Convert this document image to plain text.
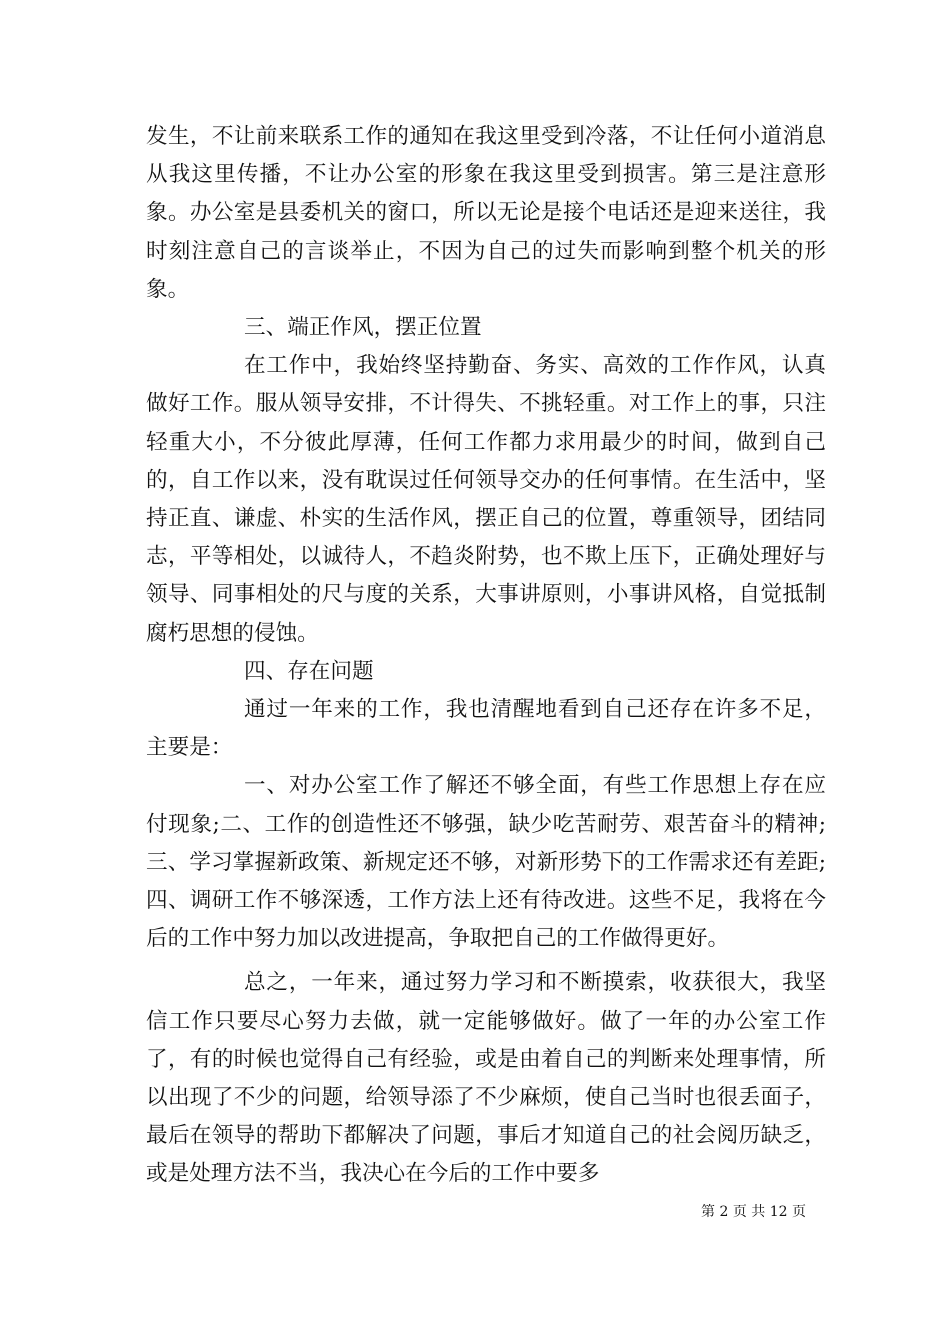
发生，不让前来联系工作的通知在我这里受到冷落，不让任何小道消息从我这里传播，不让办公室的形象在我这里受到损害。第三是注意形象。办公室是县委机关的窗口，所以无论是接个电话还是迎来送往，我时刻注意自己的言谈举止，不因为自己的过失而影响到整个机关的形象。

三、端正作风，摆正位置

在工作中，我始终坚持勤奋、务实、高效的工作作风，认真做好工作。服从领导安排，不计得失、不挑轻重。对工作上的事，只注轻重大小，不分彼此厚薄，任何工作都力求用最少的时间，做到自己的，自工作以来，没有耽误过任何领导交办的任何事情。在生活中，坚持正直、谦虚、朴实的生活作风，摆正自己的位置，尊重领导，团结同志，平等相处，以诚待人，不趋炎附势，也不欺上压下，正确处理好与领导、同事相处的尺与度的关系，大事讲原则，小事讲风格，自觉抵制腐朽思想的侵蚀。

四、存在问题

通过一年来的工作，我也清醒地看到自己还存在许多不足，主要是：

一、对办公室工作了解还不够全面，有些工作思想上存在应付现象;二、工作的创造性还不够强，缺少吃苦耐劳、艰苦奋斗的精神;三、学习掌握新政策、新规定还不够，对新形势下的工作需求还有差距;四、调研工作不够深透，工作方法上还有待改进。这些不足，我将在今后的工作中努力加以改进提高，争取把自己的工作做得更好。

总之，一年来，通过努力学习和不断摸索，收获很大，我坚信工作只要尽心努力去做，就一定能够做好。做了一年的办公室工作了，有的时候也觉得自己有经验，或是由着自己的判断来处理事情，所以出现了不少的问题，给领导添了不少麻烦，使自己当时也很丢面子，最后在领导的帮助下都解决了问题，事后才知道自己的社会阅历缺乏，或是处理方法不当，我决心在今后的工作中要多

第 2 页 共 12 页
